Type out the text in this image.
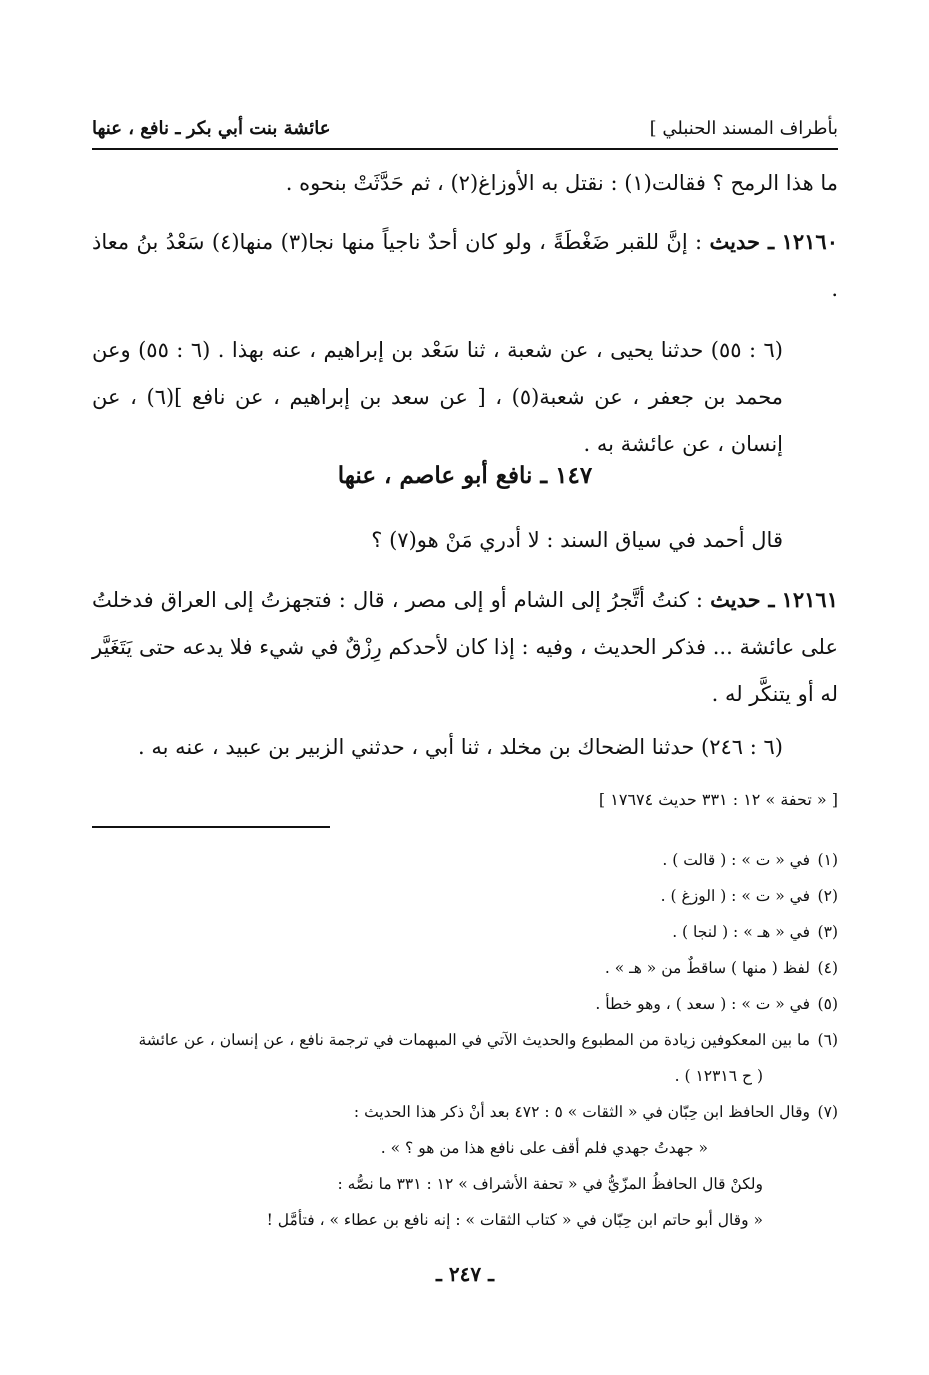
بأطراف المسند الحنبلي ]
عائشة بنت أبي بكر ـ نافع ، عنها

ما هذا الرمح ؟ فقالت(١) : نقتل به الأوزاغ(٢) ، ثم حَدَّثَتْ بنحوه .

١٢١٦٠ ـ حديث : إنَّ للقبر ضَغْطَةً ، ولو كان أحدٌ ناجياً منها نجا(٣) منها(٤) سَعْدُ بنُ معاذ .

(٦ : ٥٥) حدثنا يحيى ، عن شعبة ، ثنا سَعْد بن إبراهيم ، عنه بهذا . (٦ : ٥٥) وعن محمد بن جعفر ، عن شعبة(٥) ، [ عن سعد بن إبراهيم ، عن نافع ](٦) ، عن إنسان ، عن عائشة به .

١٤٧ ـ نافع أبو عاصم ، عنها

قال أحمد في سياق السند : لا أدري مَنْ هو(٧) ؟

١٢١٦١ ـ حديث : كنتُ أتَّجرُ إلى الشام أو إلى مصر ، قال : فتجهزتُ إلى العراق فدخلتُ على عائشة ... فذكر الحديث ، وفيه : إذا كان لأحدكم رِزْقٌ في شيء فلا يدعه حتى يَتَغَيَّر له أو يتنكَّر له .

(٦ : ٢٤٦) حدثنا الضحاك بن مخلد ، ثنا أبي ، حدثني الزبير بن عبيد ، عنه به .

[ « تحفة » ١٢ : ٣٣١ حديث ١٧٦٧٤ ]
(١)
في « ت » : ( قالت ) .
(٢)
في « ت » : ( الوزغ ) .
(٣)
في « هـ » : ( لنجا ) .
(٤)
لفظ ( منها ) ساقطٌ من « هـ » .
(٥)
في « ت » : ( سعد ) ، وهو خطأ .
(٦)
ما بين المعكوفين زيادة من المطبوع والحديث الآتي في المبهمات في ترجمة نافع ، عن إنسان ، عن عائشة
( ح ١٢٣١٦ ) .
(٧)
وقال الحافظ ابن حِبّان في « الثقات » ٥ : ٤٧٢ بعد أنْ ذكر هذا الحديث :
« جهدتُ جهدي فلم أقف على نافع هذا من هو ؟ » .
ولكنْ قال الحافظُ المزّيُّ في « تحفة الأشراف » ١٢ : ٣٣١ ما نصُّه :
« وقال أبو حاتم ابن حِبّان في « كتاب الثقات » : إنه نافع بن عطاء » ، فتأمَّل !
ـ ٢٤٧ ـ
